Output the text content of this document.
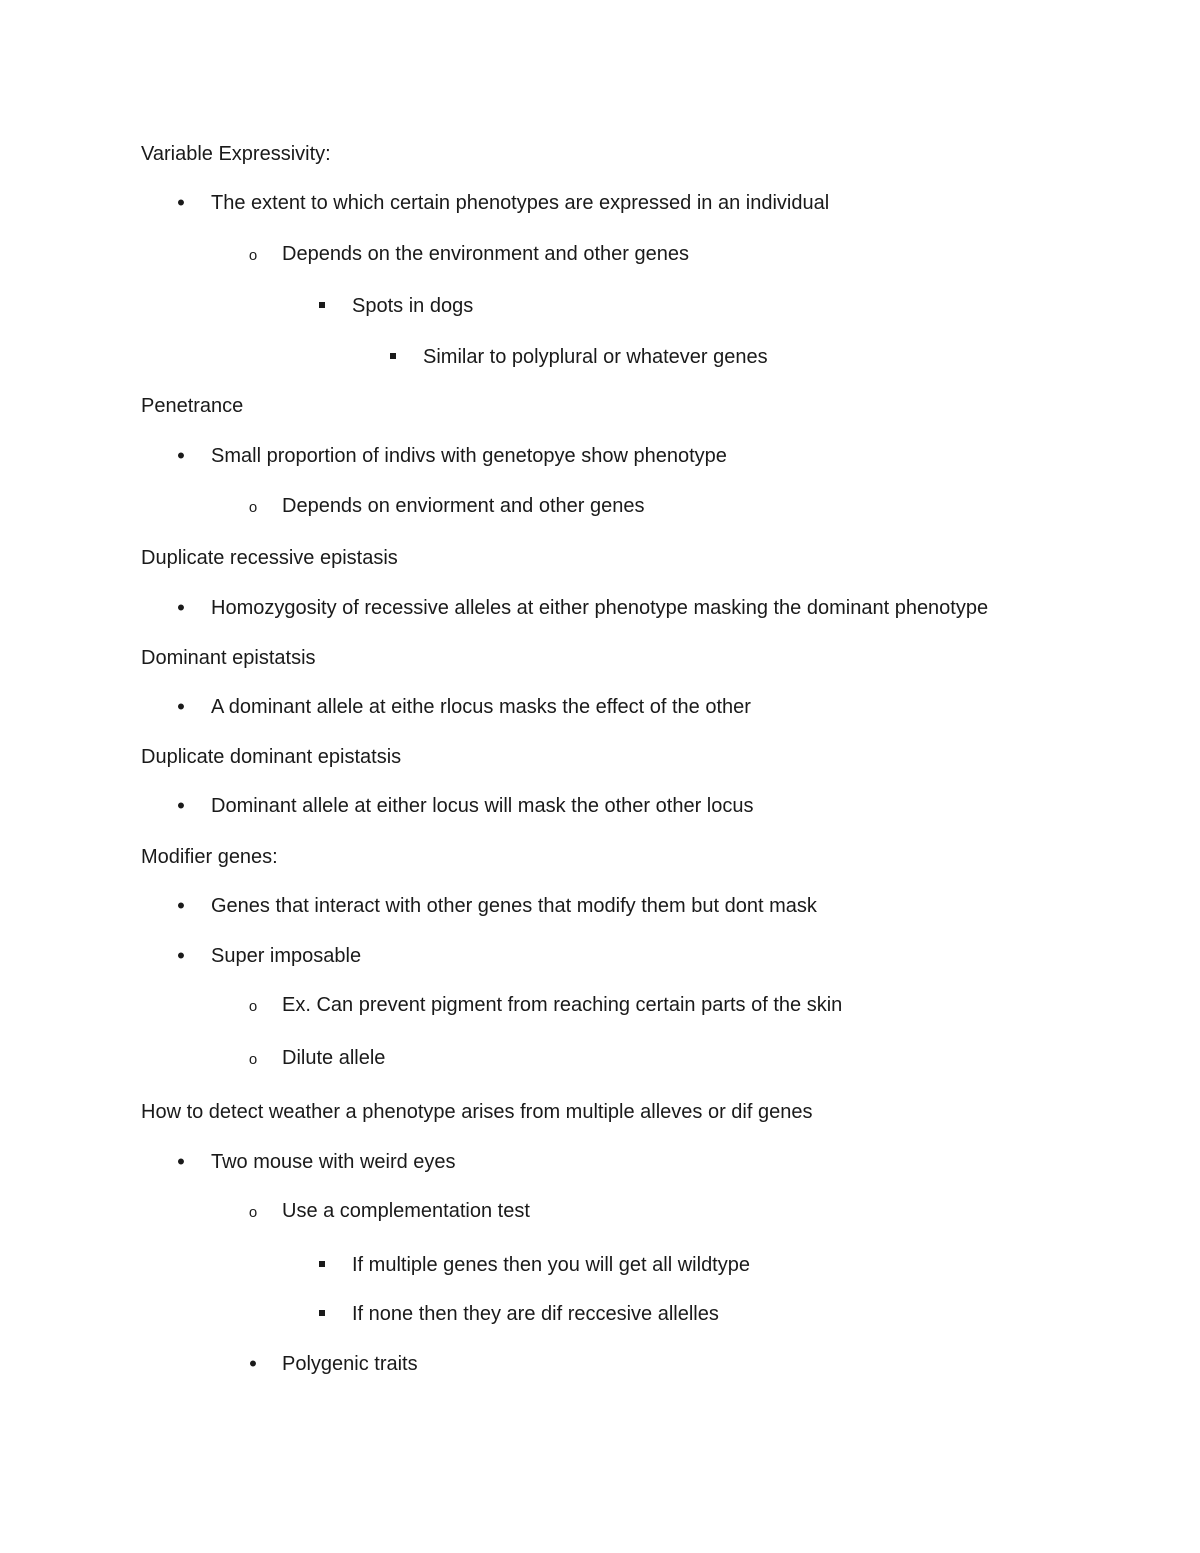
Variable Expressivity:
•
The extent to which certain phenotypes are expressed in an individual
o
Depends on the environment and other genes
Spots in dogs
Similar to polyplural or whatever genes
Penetrance
•
Small proportion of indivs with genetopye show phenotype
o
Depends on enviorment and other genes
Duplicate recessive epistasis
•
Homozygosity of recessive alleles at either phenotype masking the dominant phenotype
Dominant epistatsis
•
A dominant allele at eithe rlocus masks the effect of the other
Duplicate dominant epistatsis
•
Dominant allele at either locus will mask the other other locus
Modifier genes:
•
Genes that interact with other genes that modify them but dont mask
•
Super imposable
o
Ex. Can prevent pigment from reaching certain parts of the skin
o
Dilute allele
How to detect weather a phenotype arises from multiple alleves or dif genes
•
Two mouse with weird eyes
o
Use a complementation test
If multiple genes then you will get all wildtype
If none then they are dif reccesive allelles
•
Polygenic traits
